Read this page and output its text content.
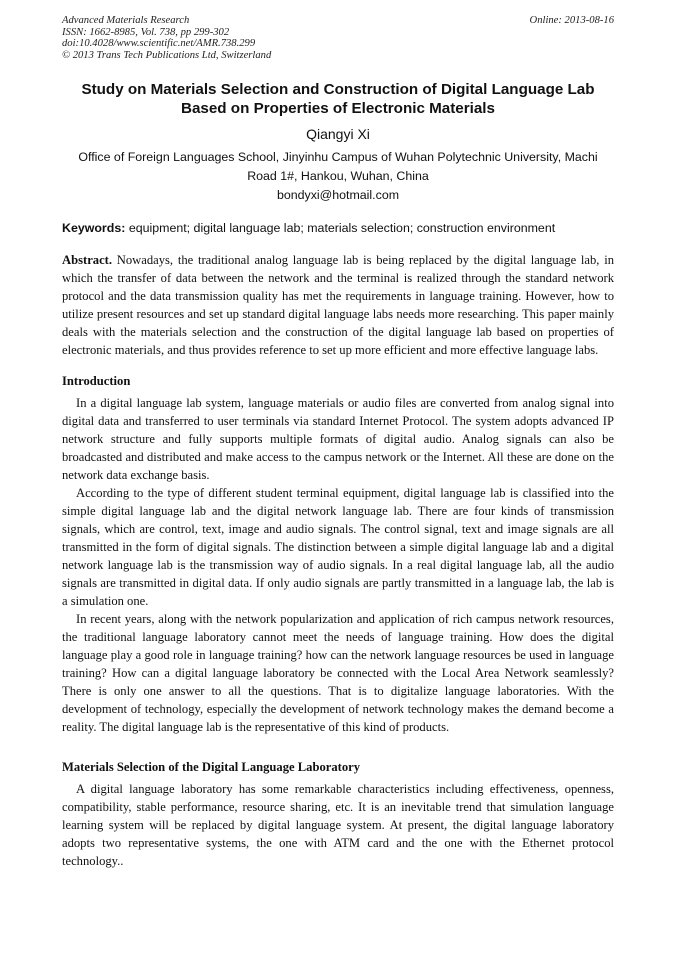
Advanced Materials Research
ISSN: 1662-8985, Vol. 738, pp 299-302
doi:10.4028/www.scientific.net/AMR.738.299
© 2013 Trans Tech Publications Ltd, Switzerland
Online: 2013-08-16
Study on Materials Selection and Construction of Digital Language Lab Based on Properties of Electronic Materials
Qiangyi Xi
Office of Foreign Languages School, Jinyinhu Campus of Wuhan Polytechnic University, Machi Road 1#, Hankou, Wuhan, China
bondyxi@hotmail.com
Keywords: equipment; digital language lab; materials selection; construction environment
Abstract. Nowadays, the traditional analog language lab is being replaced by the digital language lab, in which the transfer of data between the network and the terminal is realized through the standard network protocol and the data transmission quality has met the requirements in language training. However, how to utilize present resources and set up standard digital language labs needs more researching. This paper mainly deals with the materials selection and the construction of the digital language lab based on properties of electronic materials, and thus provides reference to set up more efficient and more effective language labs.
Introduction

In a digital language lab system, language materials or audio files are converted from analog signal into digital data and transferred to user terminals via standard Internet Protocol. The system adopts advanced IP network structure and fully supports multiple formats of digital audio. Analog signals can also be broadcasted and distributed and make access to the campus network or the Internet. All these are done on the network data exchange basis.

According to the type of different student terminal equipment, digital language lab is classified into the simple digital language lab and the digital network language lab. There are four kinds of transmission signals, which are control, text, image and audio signals. The control signal, text and image signals are all transmitted in the form of digital signals. The distinction between a simple digital language lab and a digital network language lab is the transmission way of audio signals. In a real digital language lab, all the audio signals are transmitted in digital data. If only audio signals are partly transmitted in a language lab, the lab is a simulation one.

In recent years, along with the network popularization and application of rich campus network resources, the traditional language laboratory cannot meet the needs of language training. How does the digital language play a good role in language training? how can the network language resources be used in language training? How can a digital language laboratory be connected with the Local Area Network seamlessly? There is only one answer to all the questions. That is to digitalize language laboratories. With the development of technology, especially the development of network technology makes the demand become a reality. The digital language lab is the representative of this kind of products.

Materials Selection of the Digital Language Laboratory

A digital language laboratory has some remarkable characteristics including effectiveness, openness, compatibility, stable performance, resource sharing, etc. It is an inevitable trend that simulation language learning system will be replaced by digital language system. At present, the digital language laboratory adopts two representative systems, the one with ATM card and the one with the Ethernet protocol technology..
